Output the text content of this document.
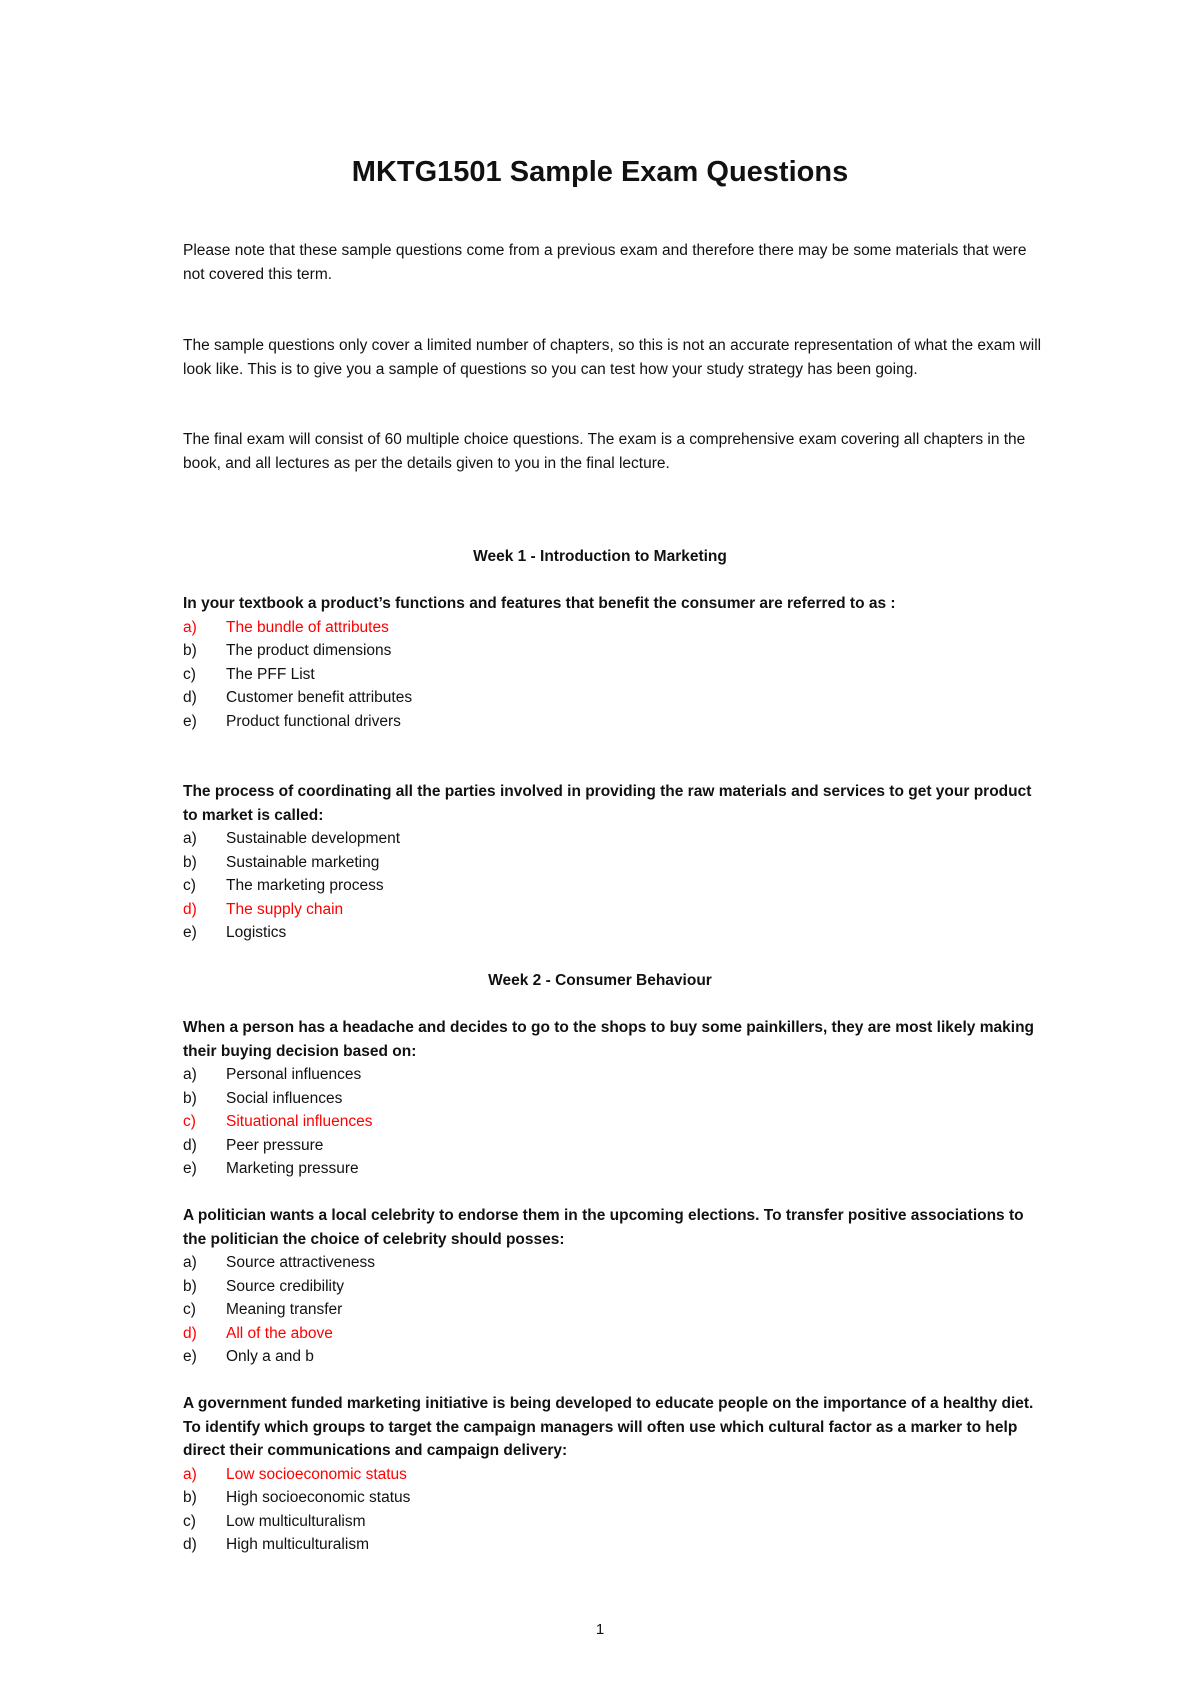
MKTG1501 Sample Exam Questions

Please note that these sample questions come from a previous exam and therefore there may be some materials that were not covered this term.

The sample questions only cover a limited number of chapters, so this is not an accurate representation of what the exam will look like. This is to give you a sample of questions so you can test how your study strategy has been going.

The final exam will consist of 60 multiple choice questions. The exam is a comprehensive exam covering all chapters in the book, and all lectures as per the details given to you in the final lecture.

Week 1 - Introduction to Marketing

In your textbook a product’s functions and features that benefit the consumer are referred to as :

a)	The bundle of attributes
b)	The product dimensions
c)	The PFF List
d)	Customer benefit attributes
e)	Product functional drivers

The process of coordinating all the parties involved in providing the raw materials and services to get your product to market is called:

a)	Sustainable development
b)	Sustainable marketing
c)	The marketing process
d)	The supply chain
e)	Logistics
Week 2 - Consumer Behaviour

When a person has a headache and decides to go to the shops to buy some painkillers, they are most likely making their buying decision based on:

a)	Personal influences
b)	Social influences
c)	Situational influences
d)	Peer pressure
e)	Marketing pressure

A politician wants a local celebrity to endorse them in the upcoming elections. To transfer positive associations to the politician the choice of celebrity should posses:

a)	Source attractiveness
b)	Source credibility
c)	Meaning transfer
d)	All of the above
e)	Only a and b

A government funded marketing initiative is being developed to educate people on the importance of a healthy diet. To identify which groups to target the campaign managers will often use which cultural factor as a marker to help direct their communications and campaign delivery:

a)	Low socioeconomic status
b)	High socioeconomic status
c)	Low multiculturalism
d)	High multiculturalism
1
